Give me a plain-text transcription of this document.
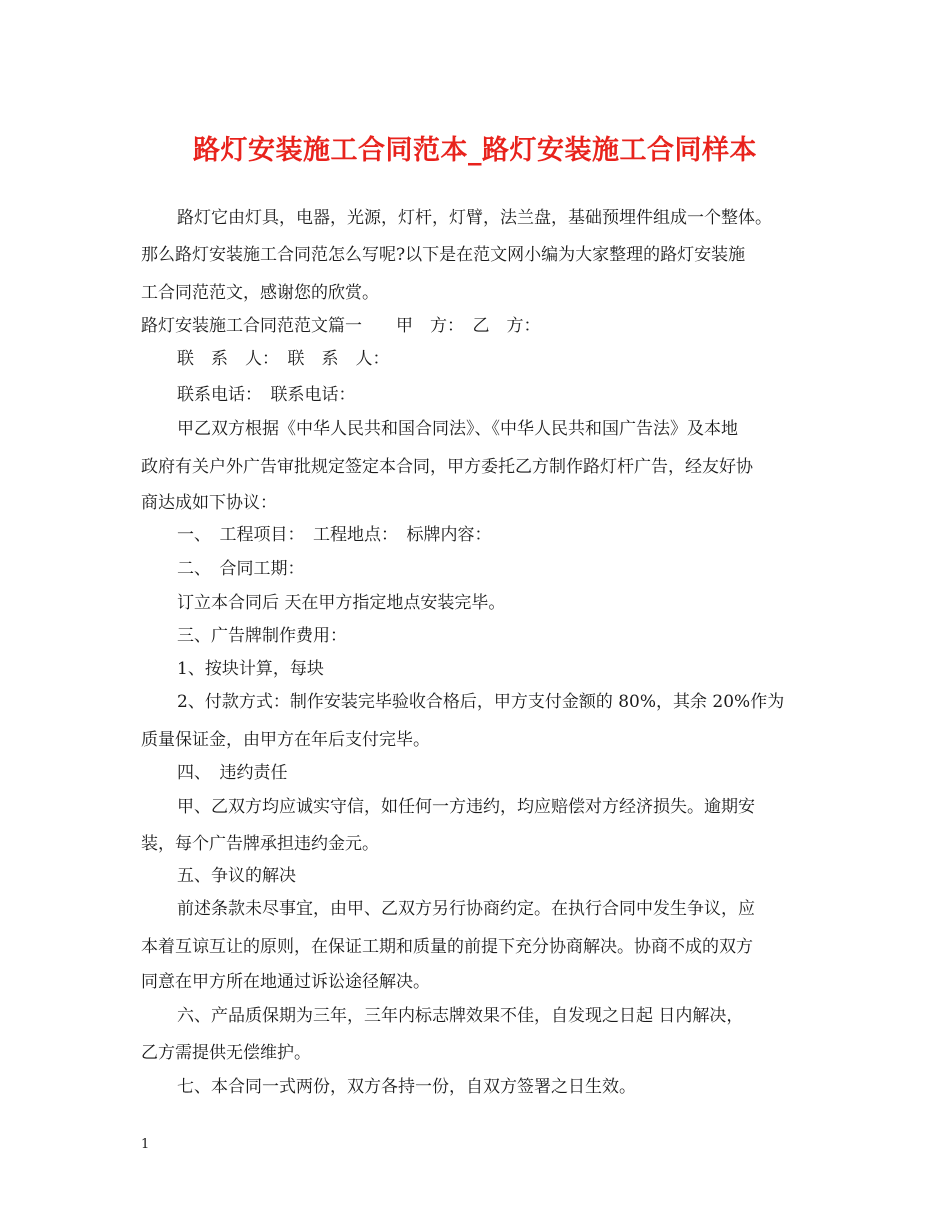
路灯安装施工合同范本_路灯安装施工合同样本
路灯它由灯具，电器，光源，灯杆，灯臂，法兰盘，基础预埋件组成一个整体。
那么路灯安装施工合同范怎么写呢?以下是在范文网小编为大家整理的路灯安装施
工合同范范文，感谢您的欣赏。
路灯安装施工合同范范文篇一　　甲　方：　乙　方：
联　系　人：　联　系　人：
联系电话：　联系电话：
甲乙双方根据《中华人民共和国合同法》、《中华人民共和国广告法》及本地
政府有关户外广告审批规定签定本合同，甲方委托乙方制作路灯杆广告，经友好协
商达成如下协议：
一、　工程项目：　工程地点：　标牌内容：
二、　合同工期：
订立本合同后 天在甲方指定地点安装完毕。
三、广告牌制作费用：
1、按块计算，每块
2、付款方式：制作安装完毕验收合格后，甲方支付金额的 80%，其余 20%作为
质量保证金，由甲方在年后支付完毕。
四、　违约责任
甲、乙双方均应诚实守信，如任何一方违约，均应赔偿对方经济损失。逾期安
装，每个广告牌承担违约金元。
五、争议的解决
前述条款未尽事宜，由甲、乙双方另行协商约定。在执行合同中发生争议，应
本着互谅互让的原则，在保证工期和质量的前提下充分协商解决。协商不成的双方
同意在甲方所在地通过诉讼途径解决。
六、产品质保期为三年，三年内标志牌效果不佳，自发现之日起 日内解决，
乙方需提供无偿维护。
七、本合同一式两份，双方各持一份，自双方签署之日生效。
1
